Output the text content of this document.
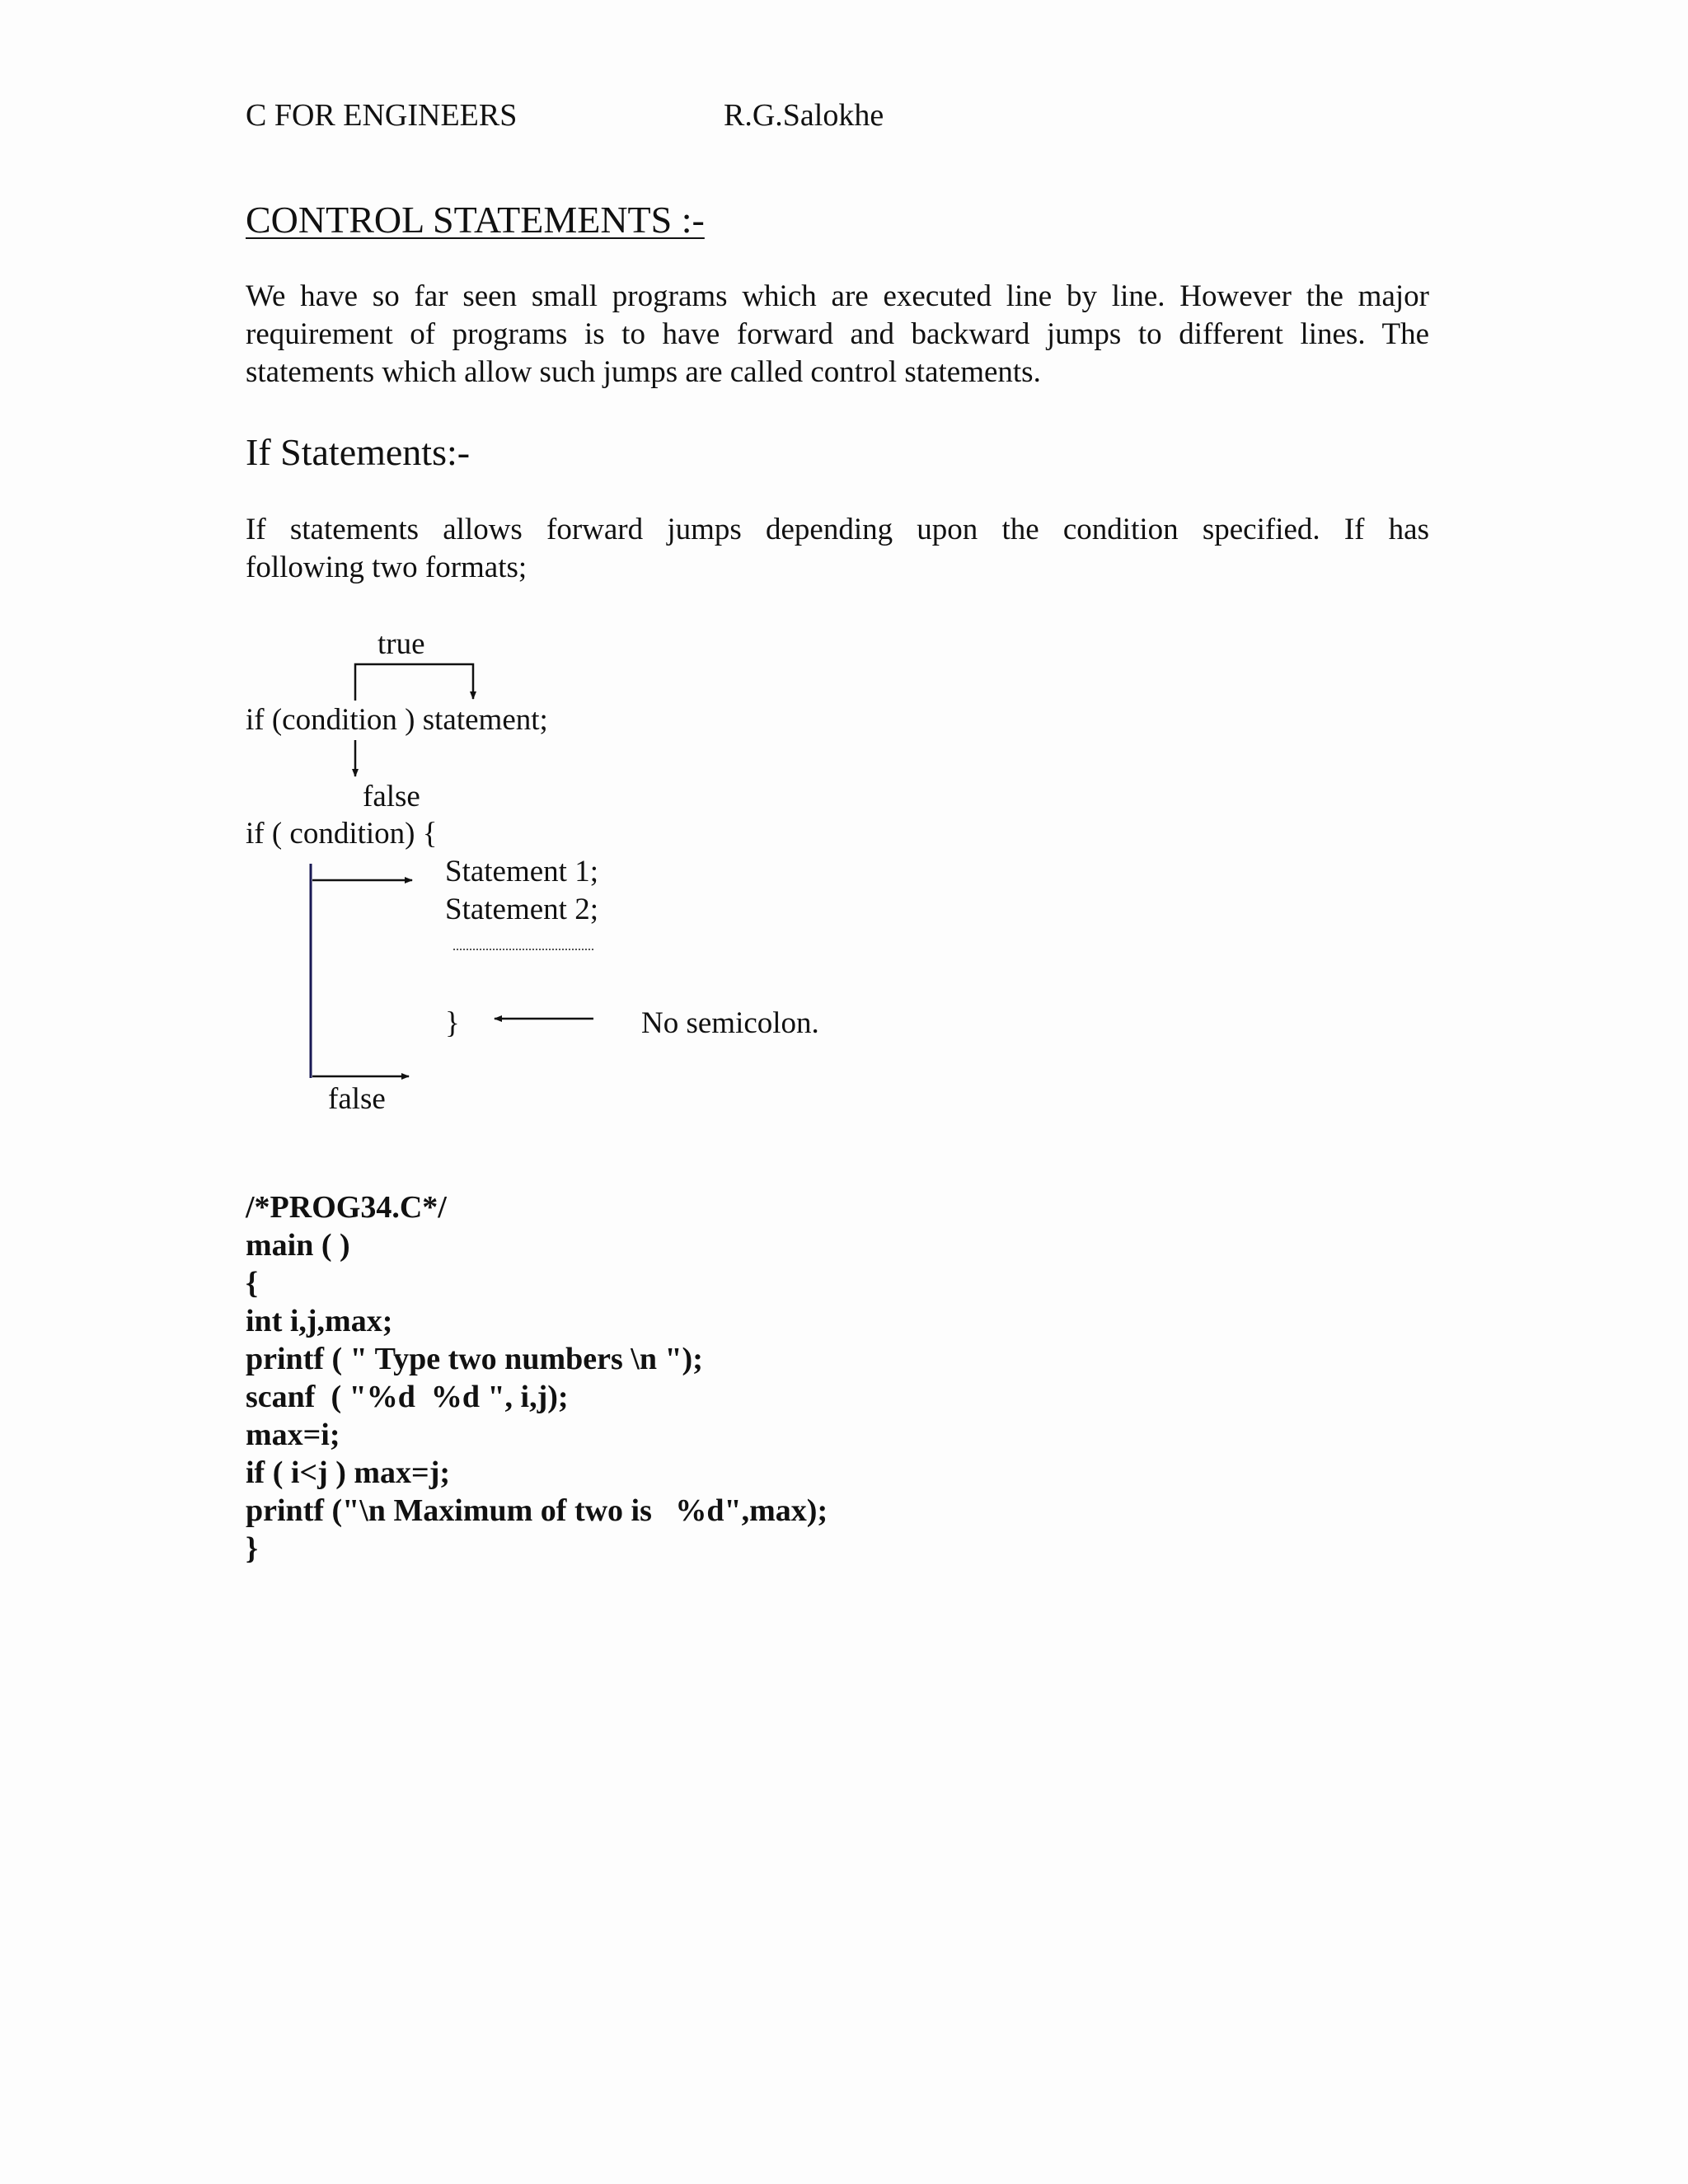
C FOR ENGINEERS	R.G.Salokhe
CONTROL STATEMENTS :-
We have so far seen small programs which are executed line by line. However the major
requirement of programs is to have forward and backward jumps to different lines. The
statements which allow such jumps are called control statements.
If Statements:-
If statements allows forward jumps depending upon the condition specified. If has
following two formats;
true
if (condition ) statement;
false
if ( condition) {
Statement 1;
Statement 2;
}	No semicolon.
false
/*PROG34.C*/
main ( )
{
int i,j,max;
printf ( " Type two numbers \n ");
scanf  ( "%d  %d ", i,j);
max=i;
if ( i<j ) max=j;
printf ("\n Maximum of two is   %d",max);
}
